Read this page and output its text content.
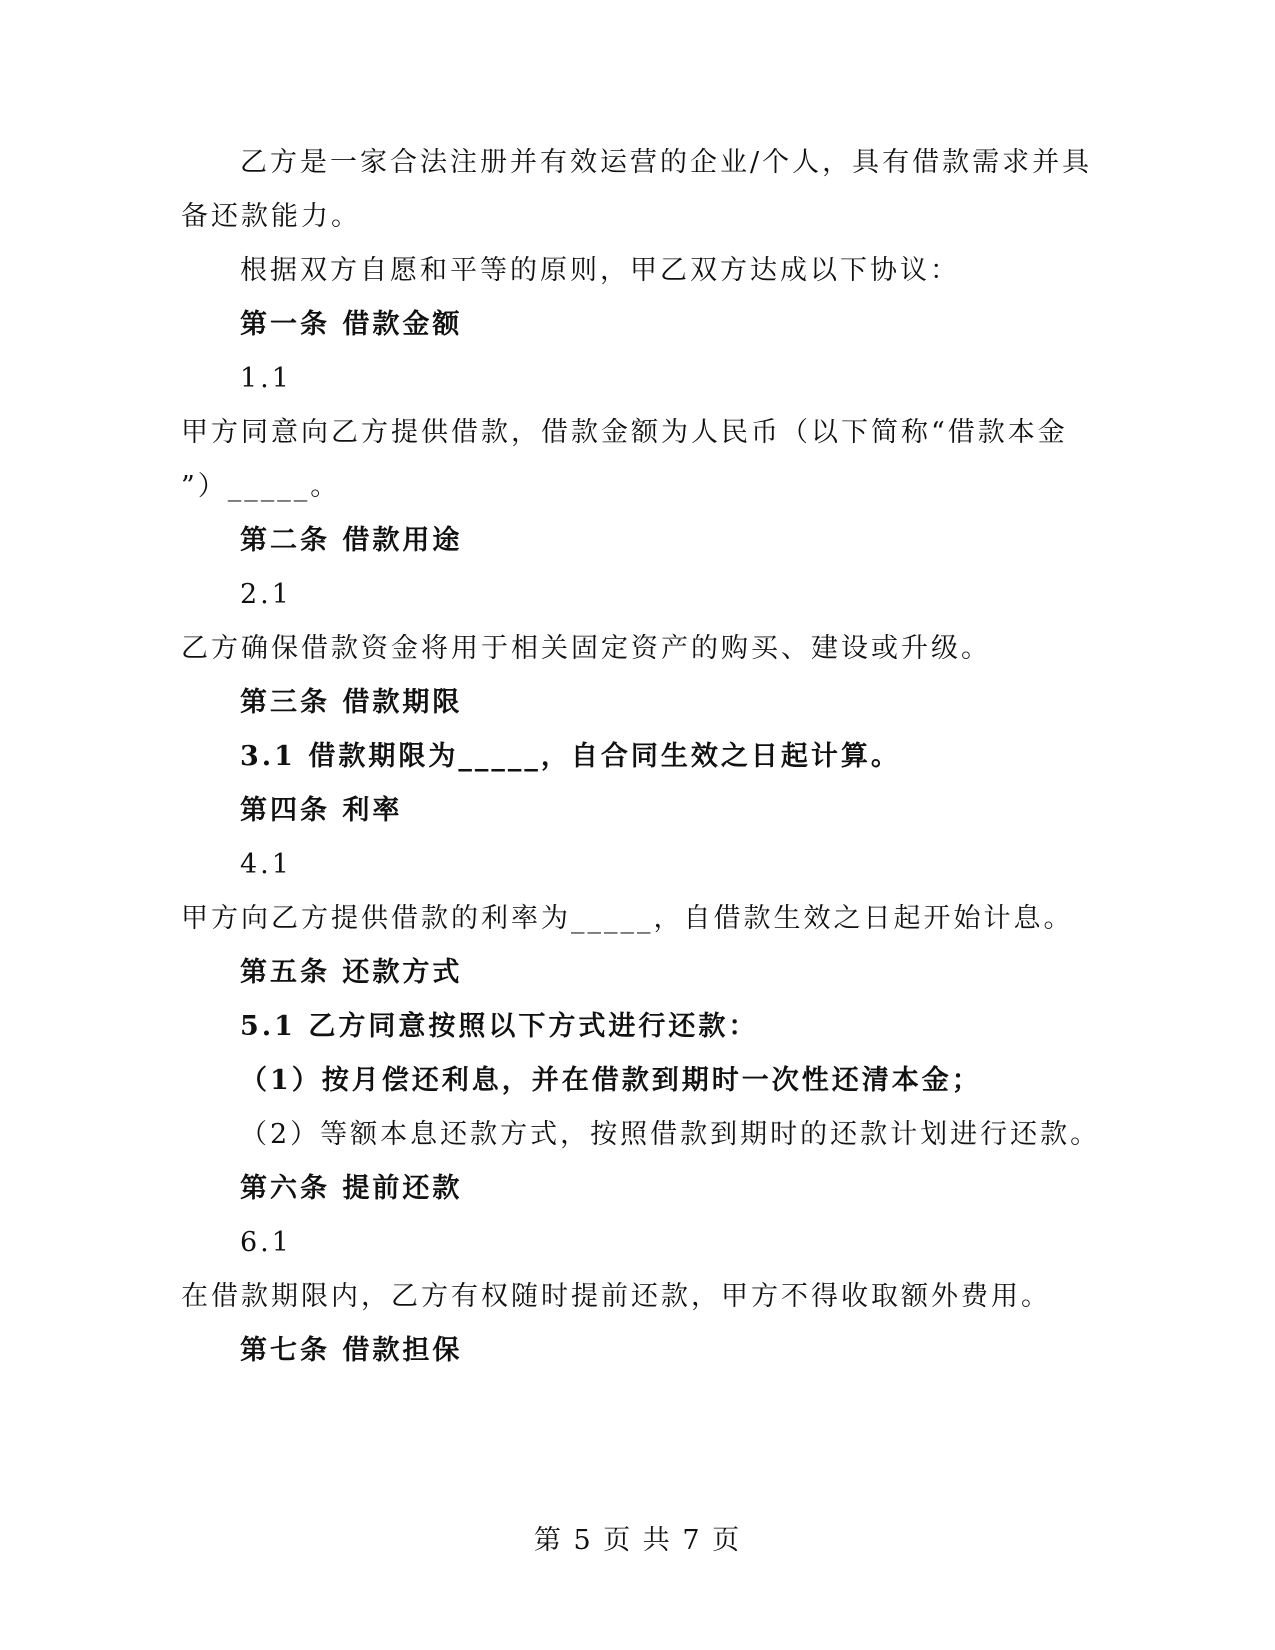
乙方是一家合法注册并有效运营的企业/个人，具有借款需求并具
备还款能力。
根据双方自愿和平等的原则，甲乙双方达成以下协议：
第一条 借款金额
1.1
甲方同意向乙方提供借款，借款金额为人民币（以下简称“借款本金
”）_____。
第二条 借款用途
2.1
乙方确保借款资金将用于相关固定资产的购买、建设或升级。
第三条 借款期限
3.1 借款期限为_____，自合同生效之日起计算。
第四条 利率
4.1
甲方向乙方提供借款的利率为_____，自借款生效之日起开始计息。
第五条 还款方式
5.1 乙方同意按照以下方式进行还款：
（1）按月偿还利息，并在借款到期时一次性还清本金；
（2）等额本息还款方式，按照借款到期时的还款计划进行还款。
第六条 提前还款
6.1
在借款期限内，乙方有权随时提前还款，甲方不得收取额外费用。
第七条 借款担保
第 5 页 共 7 页
